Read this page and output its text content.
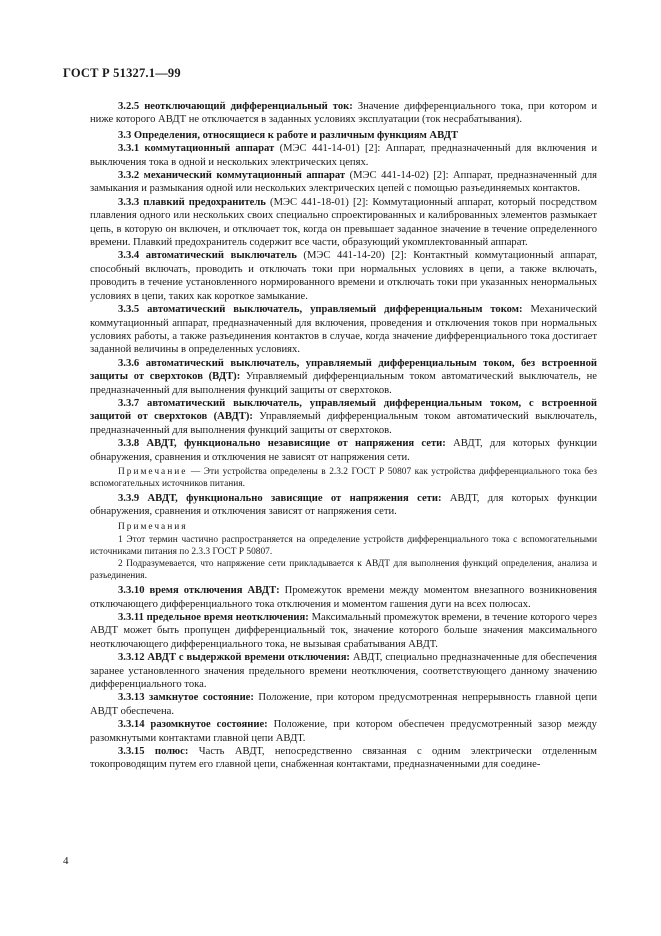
ГОСТ Р 51327.1—99

3.2.5 неотключающий дифференциальный ток: Значение дифференциального тока, при котором и ниже которого АВДТ не отключается в заданных условиях эксплуатации (ток несрабатывания).

3.3 Определения, относящиеся к работе и различным функциям АВДТ

3.3.1 коммутационный аппарат (МЭС 441-14-01) [2]: Аппарат, предназначенный для включения и выключения тока в одной и нескольких электрических цепях.

3.3.2 механический коммутационный аппарат (МЭС 441-14-02) [2]: Аппарат, предназначенный для замыкания и размыкания одной или нескольких электрических цепей с помощью разъединяемых контактов.

3.3.3 плавкий предохранитель (МЭС 441-18-01) [2]: Коммутационный аппарат, который посредством плавления одного или нескольких своих специально спроектированных и калиброванных элементов размыкает цепь, в которую он включен, и отключает ток, когда он превышает заданное значение в течение определенного времени. Плавкий предохранитель содержит все части, образующий укомплектованный аппарат.

3.3.4 автоматический выключатель (МЭС 441-14-20) [2]: Контактный коммутационный аппарат, способный включать, проводить и отключать токи при нормальных условиях в цепи, а также включать, проводить в течение установленного нормированного времени и отключать токи при указанных ненормальных условиях в цепи, таких как короткое замыкание.

3.3.5 автоматический выключатель, управляемый дифференциальным током: Механический коммутационный аппарат, предназначенный для включения, проведения и отключения токов при нормальных условиях работы, а также разъединения контактов в случае, когда значение дифференциального тока достигает заданной величины в определенных условиях.

3.3.6 автоматический выключатель, управляемый дифференциальным током, без встроенной защиты от сверхтоков (ВДТ): Управляемый дифференциальным током автоматический выключатель, не предназначенный для выполнения функций защиты от сверхтоков.

3.3.7 автоматический выключатель, управляемый дифференциальным током, с встроенной защитой от сверхтоков (АВДТ): Управляемый дифференциальным током автоматический выключатель, предназначенный для выполнения функций защиты от сверхтоков.

3.3.8 АВДТ, функционально независящие от напряжения сети: АВДТ, для которых функции обнаружения, сравнения и отключения не зависят от напряжения сети.

Примечание — Эти устройства определены в 2.3.2 ГОСТ Р 50807 как устройства дифференциального тока без вспомогательных источников питания.

3.3.9 АВДТ, функционально зависящие от напряжения сети: АВДТ, для которых функции обнаружения, сравнения и отключения зависят от напряжения сети.

Примечания

1 Этот термин частично распространяется на определение устройств дифференциального тока с вспомогательными источниками питания по 2.3.3 ГОСТ Р 50807.

2 Подразумевается, что напряжение сети прикладывается к АВДТ для выполнения функций определения, анализа и разъединения.

3.3.10 время отключения АВДТ: Промежуток времени между моментом внезапного возникновения отключающего дифференциального тока отключения и моментом гашения дуги на всех полюсах.

3.3.11 предельное время неотключения: Максимальный промежуток времени, в течение которого через АВДТ может быть пропущен дифференциальный ток, значение которого больше значения максимального неотключающего дифференциального тока, не вызывая срабатывания АВДТ.

3.3.12 АВДТ с выдержкой времени отключения: АВДТ, специально предназначенные для обеспечения заранее установленного значения предельного времени неотключения, соответствующего данному значению дифференциального тока.

3.3.13 замкнутое состояние: Положение, при котором предусмотренная непрерывность главной цепи АВДТ обеспечена.

3.3.14 разомкнутое состояние: Положение, при котором обеспечен предусмотренный зазор между разомкнутыми контактами главной цепи АВДТ.

3.3.15 полюс: Часть АВДТ, непосредственно связанная с одним электрически отделенным токопроводящим путем его главной цепи, снабженная контактами, предназначенными для соедине-

4
